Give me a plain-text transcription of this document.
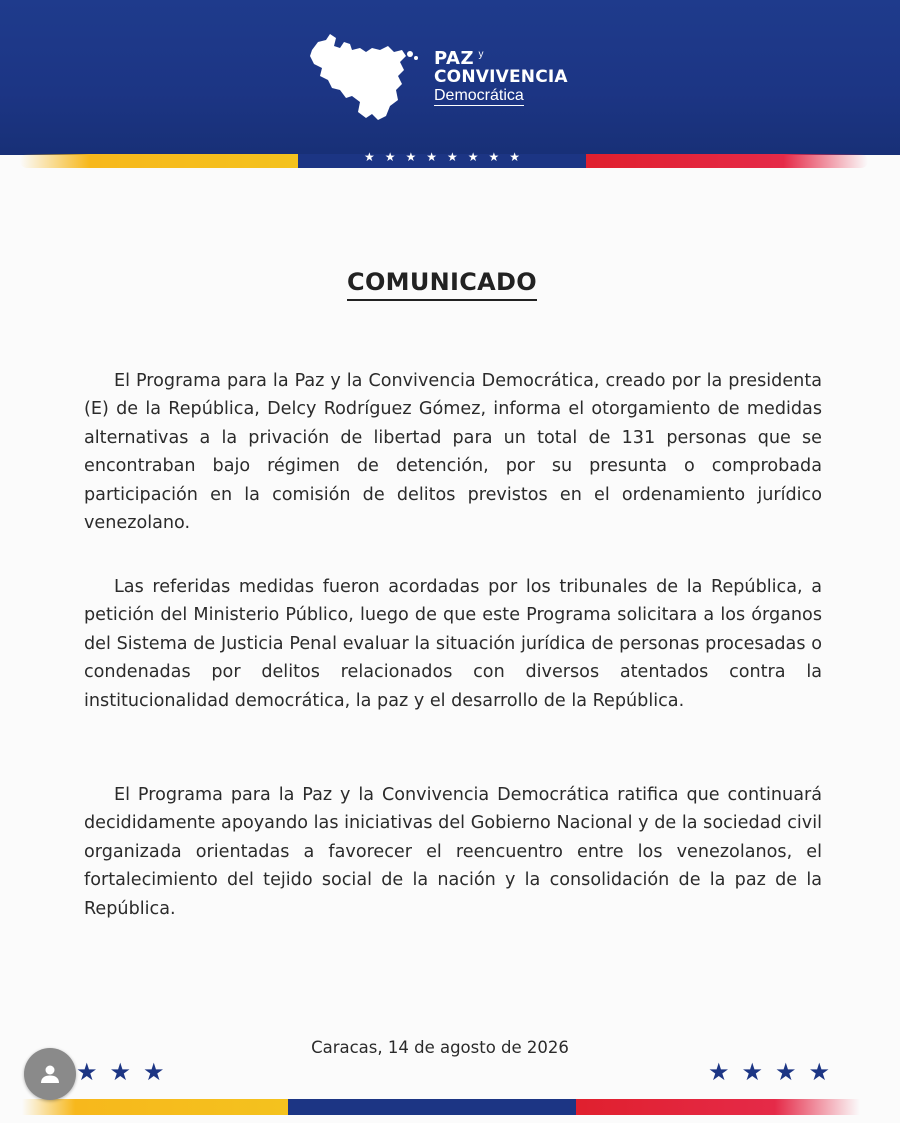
PAZ $^y$
CONVIVENCIA
Democrática
★★★★★★★★
COMUNICADO
El Programa para la Paz y la Convivencia Democrática, creado por la presidenta (E) de la República, Delcy Rodríguez Gómez, informa el otorgamiento de medidas alternativas a la privación de libertad para un total de 131 personas que se encontraban bajo régimen de detención, por su presunta o comprobada participación en la comisión de delitos previstos en el ordenamiento jurídico venezolano.
Las referidas medidas fueron acordadas por los tribunales de la República, a petición del Ministerio Público, luego de que este Programa solicitara a los órganos del Sistema de Justicia Penal evaluar la situación jurídica de personas procesadas o condenadas por delitos relacionados con diversos atentados contra la institucionalidad democrática, la paz y el desarrollo de la República.
El Programa para la Paz y la Convivencia Democrática ratifica que continuará decididamente apoyando las iniciativas del Gobierno Nacional y de la sociedad civil organizada orientadas a favorecer el reencuentro entre los venezolanos, el fortalecimiento del tejido social de la nación y la consolidación de la paz de la República.
Caracas, 14 de agosto de 2026
★★★	★★★★
